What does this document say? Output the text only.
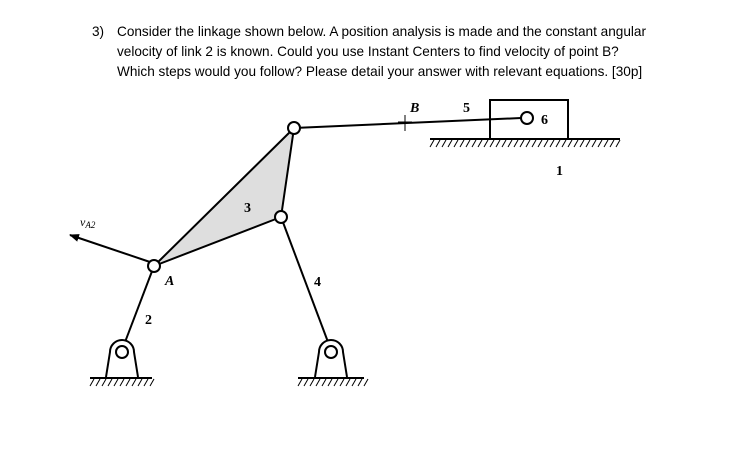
3) Consider the linkage shown below. A position analysis is made and the constant angular
velocity of link 2 is known. Could you use Instant Centers to find velocity of point B?
Which steps would you follow? Please detail your answer with relevant equations. [30p]
B
A
1
2
3
4
5
6
vA2
